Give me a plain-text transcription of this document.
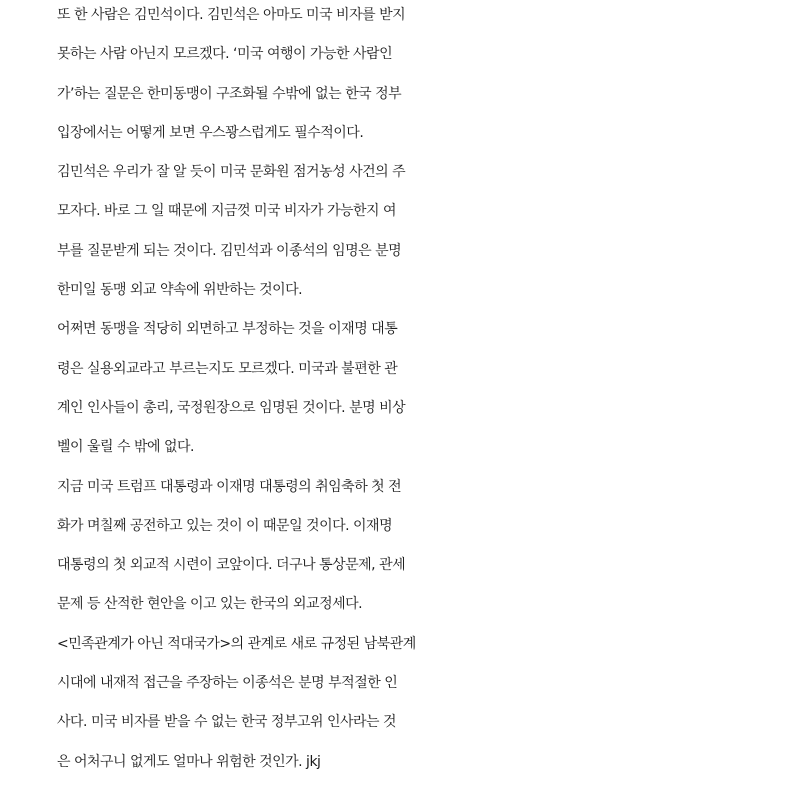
또 한 사람은 김민석이다. 김민석은 아마도 미국 비자를 받지
못하는 사람 아닌지 모르겠다. ‘미국 여행이 가능한 사람인
가’하는 질문은 한미동맹이 구조화될 수밖에 없는 한국 정부
입장에서는 어떻게 보면 우스꽝스럽게도 필수적이다.
김민석은 우리가 잘 알 듯이 미국 문화원 점거농성 사건의 주
모자다. 바로 그 일 때문에 지금껏 미국 비자가 가능한지 여
부를 질문받게 되는 것이다. 김민석과 이종석의 임명은 분명
한미일 동맹 외교 약속에 위반하는 것이다.
어쩌면 동맹을 적당히 외면하고 부정하는 것을 이재명 대통
령은 실용외교라고 부르는지도 모르겠다. 미국과 불편한 관
계인 인사들이 총리, 국정원장으로 임명된 것이다. 분명 비상
벨이 울릴 수 밖에 없다.
지금 미국 트럼프 대통령과 이재명 대통령의 취임축하 첫 전
화가 며칠째 공전하고 있는 것이 이 때문일 것이다. 이재명
대통령의 첫 외교적 시련이 코앞이다. 더구나 통상문제, 관세
문제 등 산적한 현안을 이고 있는 한국의 외교정세다.
<민족관계가 아닌 적대국가>의 관계로 새로 규정된 남북관계
시대에 내재적 접근을 주장하는 이종석은 분명 부적절한 인
사다. 미국 비자를 받을 수 없는 한국 정부고위 인사라는 것
은 어처구니 없게도 얼마나 위험한 것인가. jkj
